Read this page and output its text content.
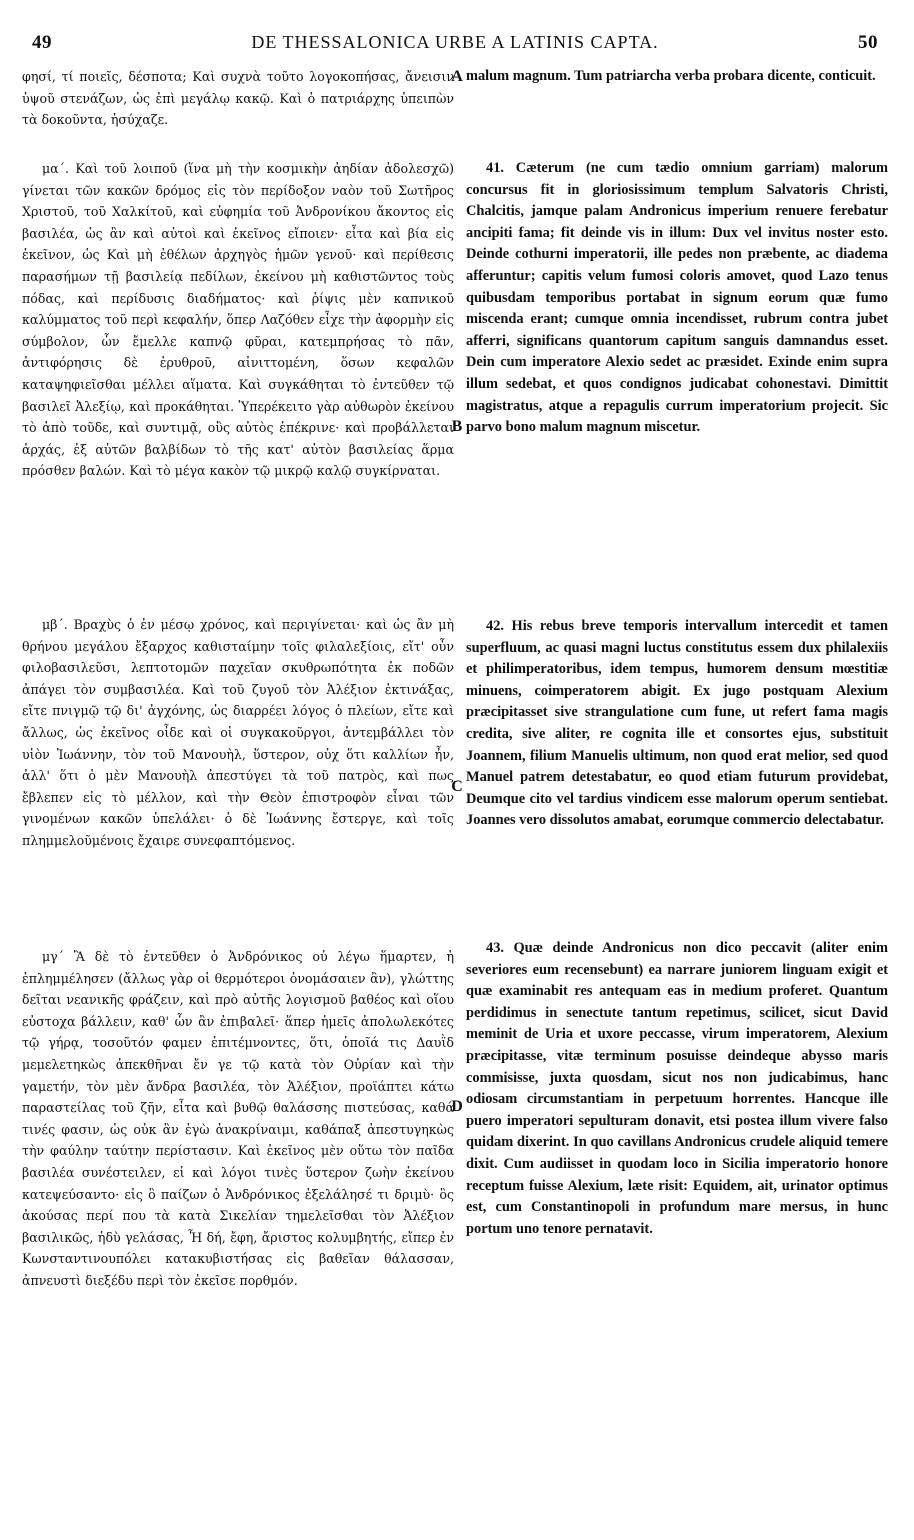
49	DE THESSALONICA URBE A LATINIS CAPTA.	50
A
B
C
D

φησί, τί ποιεῖς, δέσποτα; Καὶ συχνὰ τοῦτο λογοκοπήσας, ἄνεισιν ὑψοῦ στενάζων, ὡς ἐπὶ μεγάλῳ κακῷ. Καὶ ὁ πατριάρχης ὑπειπὼν τὰ δοκοῦντα, ἡσύχαζε.

μα΄. Καὶ τοῦ λοιποῦ (ἵνα μὴ τὴν κοσμικὴν ἀηδίαν ἀδολεσχῶ) γίνεται τῶν κακῶν δρόμος εἰς τὸν περίδοξον ναὸν τοῦ Σωτῆρος Χριστοῦ, τοῦ Χαλκίτοῦ, καὶ εὐφημία τοῦ Ἀνδρονίκου ἄκοντος εἰς βασιλέα, ὡς ἂν καὶ αὐτοὶ καὶ ἐκεῖνος εἴποιεν· εἶτα καὶ βία εἰς ἐκεῖνον, ὡς Καὶ μὴ ἐθέλων ἀρχηγὸς ἡμῶν γενοῦ· καὶ περίθεσις παρασήμων τῇ βασιλείᾳ πεδίλων, ἐκείνου μὴ καθιστῶντος τοὺς πόδας, καὶ περίδυσις διαδήματος· καὶ ῥίψις μὲν καπνικοῦ καλύμματος τοῦ περὶ κεφαλήν, ὅπερ Λαζόθεν εἶχε τὴν ἀφορμὴν εἰς σύμβολον, ὧν ἔμελλε καπνῷ φῦραι, κατεμπρήσας τὸ πᾶν, ἀντιφόρησις δὲ ἐρυθροῦ, αἰνιττομένη, ὅσων κεφαλῶν καταψηφιεῖσθαι μέλλει αἵματα. Καὶ συγκάθηται τὸ ἐντεῦθεν τῷ βασιλεῖ Ἀλεξίῳ, καὶ προκάθηται. Ὑπερέκειτο γὰρ αὐθωρὸν ἐκείνου τὸ ἀπὸ τοῦδε, καὶ συντιμᾷ, οὓς αὐτὸς ἐπέκρινε· καὶ προβάλλεται ἀρχάς, ἐξ αὐτῶν βαλβίδων τὸ τῆς κατ' αὐτὸν βασιλείας ἅρμα πρόσθεν βαλών. Καὶ τὸ μέγα κακὸν τῷ μικρῷ καλῷ συγκίρναται.

μβ΄. Βραχὺς ὁ ἐν μέσῳ χρόνος, καὶ περιγίνεται· καὶ ὡς ἂν μὴ θρήνου μεγάλου ἔξαρχος καθισταίμην τοῖς φιλαλεξίοις, εἴτ' οὖν φιλοβασιλεῦσι, λεπτοτομῶν παχεῖαν σκυθρωπότητα ἐκ ποδῶν ἀπάγει τὸν συμβασιλέα. Καὶ τοῦ ζυγοῦ τὸν Ἀλέξιον ἐκτινάξας, εἴτε πνιγμῷ τῷ δι' ἀγχόνης, ὡς διαρρέει λόγος ὁ πλείων, εἴτε καὶ ἄλλως, ὡς ἐκεῖνος οἶδε καὶ οἱ συγκακοῦργοι, ἀντεμβάλλει τὸν υἱὸν Ἰωάννην, τὸν τοῦ Μανουὴλ, ὕστερον, οὐχ ὅτι καλλίων ἦν, ἀλλ' ὅτι ὁ μὲν Μανουὴλ ἀπεστύγει τὰ τοῦ πατρὸς, καὶ πως ἔβλεπεν εἰς τὸ μέλλον, καὶ τὴν Θεὸν ἐπιστροφὸν εἶναι τῶν γινομένων κακῶν ὑπελάλει· ὁ δὲ Ἰωάννης ἔστεργε, καὶ τοῖς πλημμελοῦμένοις ἔχαιρε συνεφαπτόμενος.

μγ΄ Ἃ δὲ τὸ ἐντεῦθεν ὁ Ἀνδρόνικος οὐ λέγω ἥμαρτεν, ἡ ἐπλημμέλησεν (ἄλλως γὰρ οἱ θερμότεροι ὀνομάσαιεν ἂν), γλώττης δεῖται νεανικῆς φράζειν, καὶ πρὸ αὐτῆς λογισμοῦ βαθέος καὶ οἵου εὐστοχα βάλλειν, καθ' ὧν ἂν ἐπιβαλεῖ· ἅπερ ἡμεῖς ἀπολωλεκότες τῷ γήρᾳ, τοσοῦτόν φαμεν ἐπιτέμνοντες, ὅτι, ὁποῖά τις Δαυῒδ μεμελετηκὼς ἀπεκθῆναι ἔν γε τῷ κατὰ τὸν Οὐρίαν καὶ τὴν γαμετήν, τὸν μὲν ἄνδρα βασιλέα, τὸν Ἀλέξιον, προϊάπτει κάτω παραστείλας τοῦ ζῆν, εἶτα καὶ βυθῷ θαλάσσης πιστεύσας, καθά τινές φασιν, ὡς οὐκ ἂν ἐγὼ ἀνακρίναιμι, καθάπαξ ἀπεστυγηκὼς τὴν φαύλην ταύτην περίστασιν. Καὶ ἐκεῖνος μὲν οὕτω τὸν παῖδα βασιλέα συνέστειλεν, εἰ καὶ λόγοι τινὲς ὕστερον ζωὴν ἐκείνου κατεψεύσαντο· εἰς ὃ παίζων ὁ Ἀνδρόνικος ἐξελάλησέ τι δριμὺ· ὃς ἀκούσας περί που τὰ κατὰ Σικελίαν τημελεῖσθαι τὸν Ἀλέξιον βασιλικῶς, ἡδὺ γελάσας, Ἦ δή, ἔφη, ἄριστος κολυμβητής, εἴπερ ἐν Κωνσταντινουπόλει κατακυβιστήσας εἰς βαθεῖαν θάλασσαν, ἀπνευστὶ διεξέδυ περὶ τὸν ἐκεῖσε πορθμόν.

malum magnum. Tum patriarcha verba probara dicente, conticuit.

41. Cæterum (ne cum tædio omnium garriam) malorum concursus fit in gloriosissimum templum Salvatoris Christi, Chalcitis, jamque palam Andronicus imperium renuere ferebatur ancipiti fama; fit deinde vis in illum: Dux vel invitus noster esto. Deinde cothurni imperatorii, ille pedes non præbente, ac diadema afferuntur; capitis velum fumosi coloris amovet, quod Lazo tenus quibusdam temporibus portabat in signum eorum quæ fumo miscenda erant; cumque omnia incendisset, rubrum contra jubet afferri, significans quantorum capitum sanguis damnandus esset. Dein cum imperatore Alexio sedet ac præsidet. Exinde enim supra illum sedebat, et quos condignos judicabat cohonestavi. Dimittit magistratus, atque a repagulis currum imperatorium projecit. Sic parvo bono malum magnum miscetur.

42. His rebus breve temporis intervallum intercedit et tamen superfluum, ac quasi magni luctus constitutus essem dux philalexiis et philimperatoribus, idem tempus, humorem densum mœstitiæ minuens, coimperatorem abigit. Ex jugo postquam Alexium præcipitasset sive strangulatione cum fune, ut refert fama magis credita, sive aliter, re cognita ille et consortes ejus, substituit Joannem, filium Manuelis ultimum, non quod erat melior, sed quod Manuel patrem detestabatur, eo quod etiam futurum providebat, Deumque cito vel tardius vindicem esse malorum operum sentiebat. Joannes vero dissolutos amabat, eorumque commercio delectabatur.

43. Quæ deinde Andronicus non dico peccavit (aliter enim severiores eum recensebunt) ea narrare juniorem linguam exigit et quæ examinabit res antequam eas in medium proferet. Quantum perdidimus in senectute tantum repetimus, scilicet, sicut David meminit de Uria et uxore peccasse, virum imperatorem, Alexium præcipitasse, vitæ terminum posuisse deindeque abysso maris commisisse, juxta quosdam, sicut nos non judicabimus, hanc odiosam circumstantiam in perpetuum horrentes. Hancque ille puero imperatori sepulturam donavit, etsi postea illum vivere falso quidam dixerint. In quo cavillans Andronicus crudele aliquid temere dixit. Cum audiisset in quodam loco in Sicilia imperatorio honore receptum fuisse Alexium, læte risit: Equidem, ait, urinator optimus est, cum Constantinopoli in profundum mare mersus, in hunc portum uno tenore pernatavit.
